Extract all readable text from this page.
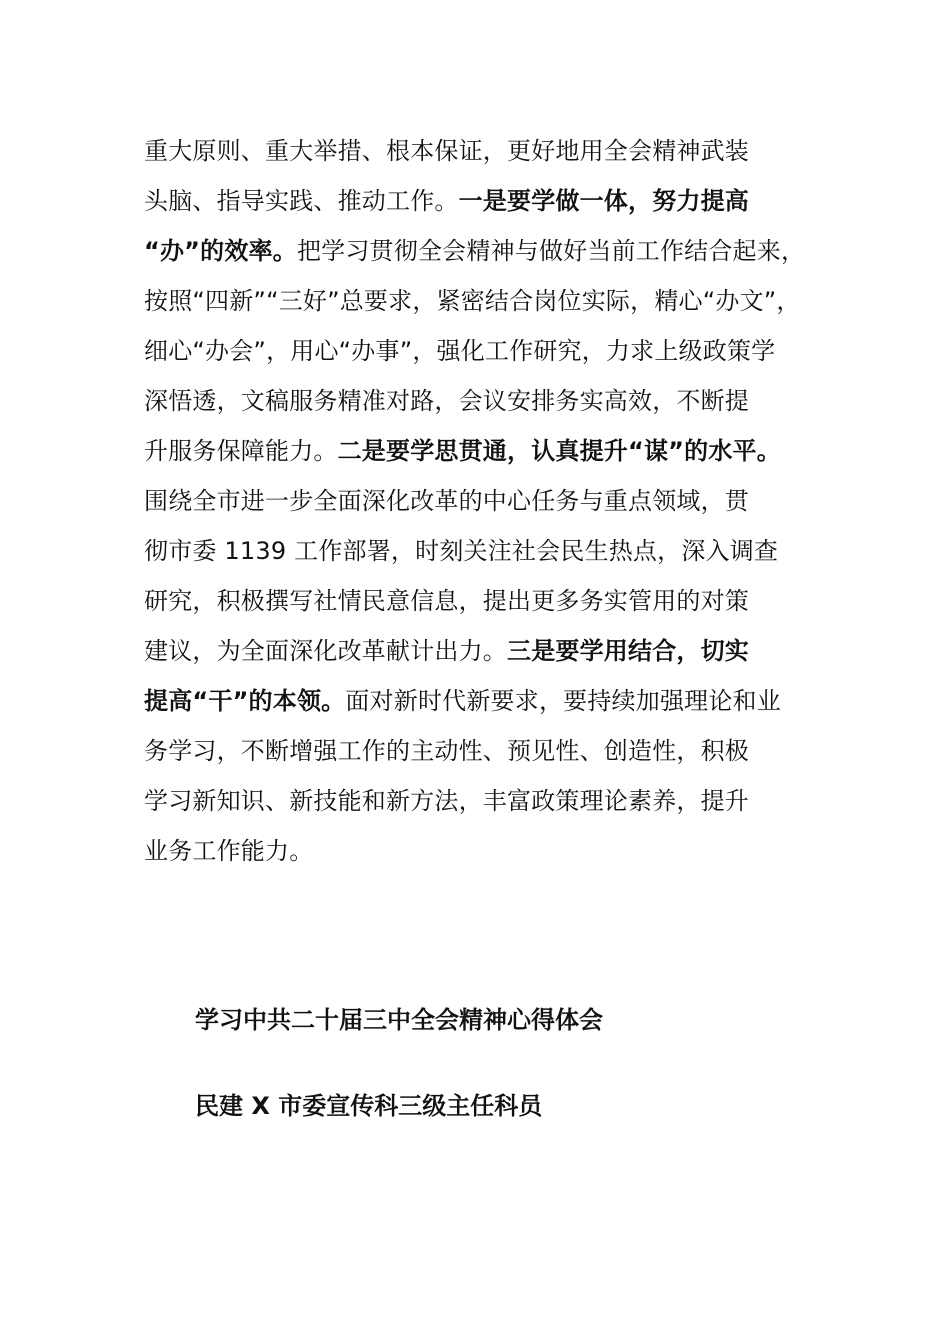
重大原则、重大举措、根本保证，更好地用全会精神武装
头脑、指导实践、推动工作。一是要学做一体，努力提高
“办”的效率。把学习贯彻全会精神与做好当前工作结合起来，
按照“四新”“三好”总要求，紧密结合岗位实际，精心“办文”，
细心“办会”，用心“办事”，强化工作研究，力求上级政策学
深悟透，文稿服务精准对路，会议安排务实高效，不断提
升服务保障能力。二是要学思贯通，认真提升“谋”的水平。
围绕全市进一步全面深化改革的中心任务与重点领域，贯
彻市委 1139 工作部署，时刻关注社会民生热点，深入调查
研究，积极撰写社情民意信息，提出更多务实管用的对策
建议，为全面深化改革献计出力。三是要学用结合，切实
提高“干”的本领。面对新时代新要求，要持续加强理论和业
务学习，不断增强工作的主动性、预见性、创造性，积极
学习新知识、新技能和新方法，丰富政策理论素养，提升
业务工作能力。
学习中共二十届三中全会精神心得体会
民建 X 市委宣传科三级主任科员
